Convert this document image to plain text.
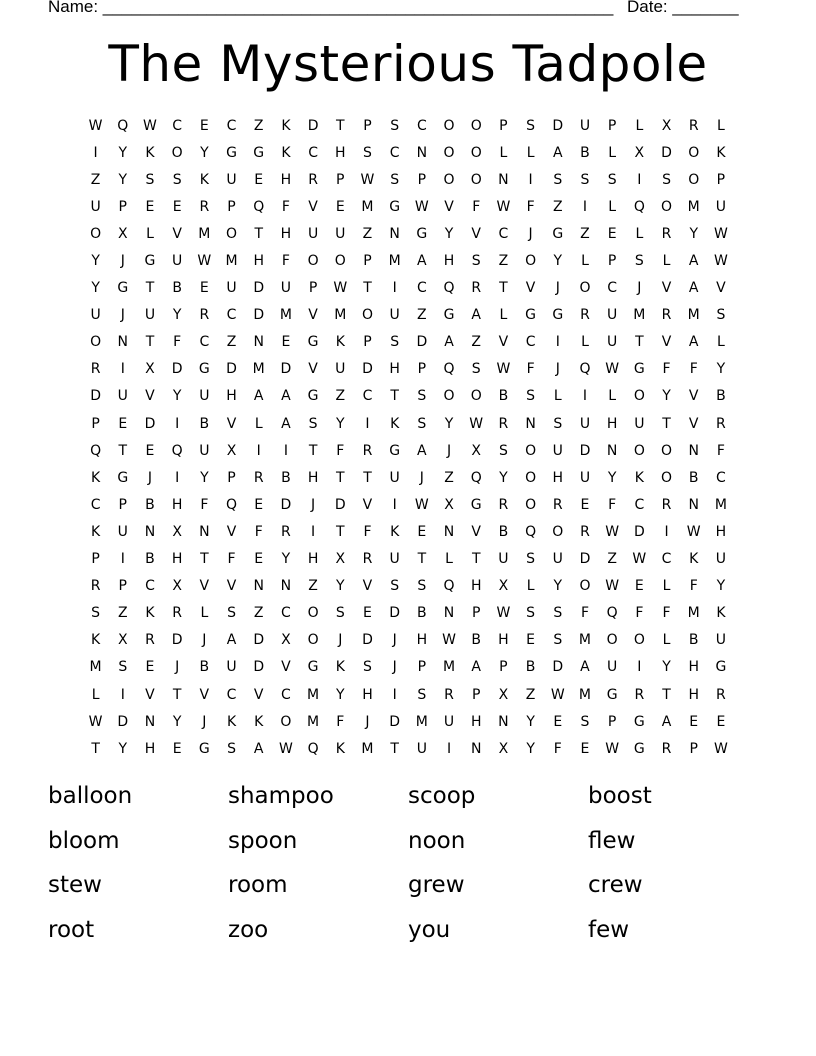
Name: ______________________________________________________ Date: _______
The Mysterious Tadpole
W	Q	W	C	E	C	Z	K	D	T	P	S	C	O	O	P	S	D	U	P	L	X	R	L
I	Y	K	O	Y	G	G	K	C	H	S	C	N	O	O	L	L	A	B	L	X	D	O	K
Z	Y	S	S	K	U	E	H	R	P	W	S	P	O	O	N	I	S	S	S	I	S	O	P
U	P	E	E	R	P	Q	F	V	E	M	G	W	V	F	W	F	Z	I	L	Q	O	M	U
O	X	L	V	M	O	T	H	U	U	Z	N	G	Y	V	C	J	G	Z	E	L	R	Y	W
Y	J	G	U	W	M	H	F	O	O	P	M	A	H	S	Z	O	Y	L	P	S	L	A	W
Y	G	T	B	E	U	D	U	P	W	T	I	C	Q	R	T	V	J	O	C	J	V	A	V
U	J	U	Y	R	C	D	M	V	M	O	U	Z	G	A	L	G	G	R	U	M	R	M	S
O	N	T	F	C	Z	N	E	G	K	P	S	D	A	Z	V	C	I	L	U	T	V	A	L
R	I	X	D	G	D	M	D	V	U	D	H	P	Q	S	W	F	J	Q	W	G	F	F	Y
D	U	V	Y	U	H	A	A	G	Z	C	T	S	O	O	B	S	L	I	L	O	Y	V	B
P	E	D	I	B	V	L	A	S	Y	I	K	S	Y	W	R	N	S	U	H	U	T	V	R
Q	T	E	Q	U	X	I	I	T	F	R	G	A	J	X	S	O	U	D	N	O	O	N	F
K	G	J	I	Y	P	R	B	H	T	T	U	J	Z	Q	Y	O	H	U	Y	K	O	B	C
C	P	B	H	F	Q	E	D	J	D	V	I	W	X	G	R	O	R	E	F	C	R	N	M
K	U	N	X	N	V	F	R	I	T	F	K	E	N	V	B	Q	O	R	W	D	I	W	H
P	I	B	H	T	F	E	Y	H	X	R	U	T	L	T	U	S	U	D	Z	W	C	K	U
R	P	C	X	V	V	N	N	Z	Y	V	S	S	Q	H	X	L	Y	O	W	E	L	F	Y
S	Z	K	R	L	S	Z	C	O	S	E	D	B	N	P	W	S	S	F	Q	F	F	M	K
K	X	R	D	J	A	D	X	O	J	D	J	H	W	B	H	E	S	M	O	O	L	B	U
M	S	E	J	B	U	D	V	G	K	S	J	P	M	A	P	B	D	A	U	I	Y	H	G
L	I	V	T	V	C	V	C	M	Y	H	I	S	R	P	X	Z	W	M	G	R	T	H	R
W	D	N	Y	J	K	K	O	M	F	J	D	M	U	H	N	Y	E	S	P	G	A	E	E
T	Y	H	E	G	S	A	W	Q	K	M	T	U	I	N	X	Y	F	E	W	G	R	P	W
balloon	shampoo	scoop	boost
bloom	spoon	noon	flew
stew	room	grew	crew
root	zoo	you	few
